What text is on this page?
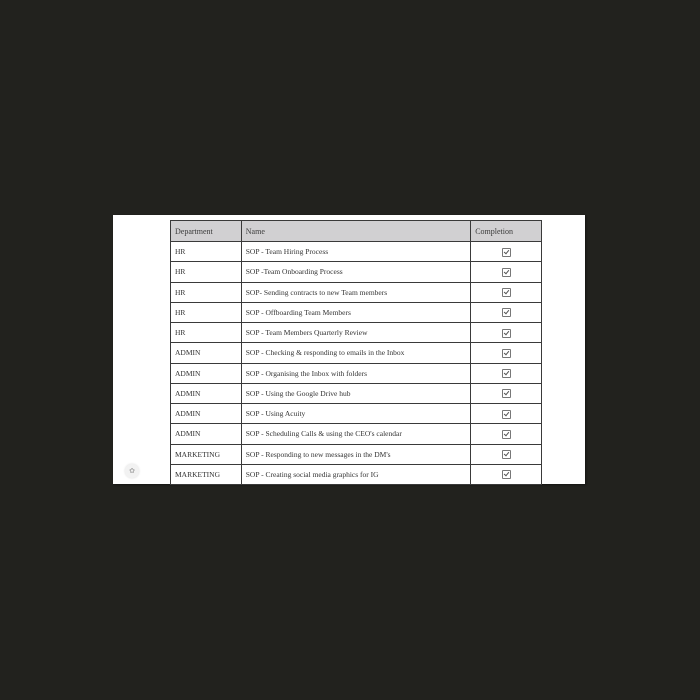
Department	Name	Completion
HR	SOP - Team Hiring Process	
HR	SOP -Team Onboarding Process	
HR	SOP- Sending contracts to new Team members	
HR	SOP - Offboarding Team Members	
HR	SOP - Team Members Quarterly Review	
ADMIN	SOP - Checking & responding to emails in the Inbox	
ADMIN	SOP - Organising the Inbox with folders	
ADMIN	SOP - Using the Google Drive hub	
ADMIN	SOP - Using Acuity	
ADMIN	SOP - Scheduling Calls & using the CEO's calendar	
MARKETING	SOP - Responding to new messages in the DM's	
MARKETING	SOP - Creating social media graphics for IG	
✿
